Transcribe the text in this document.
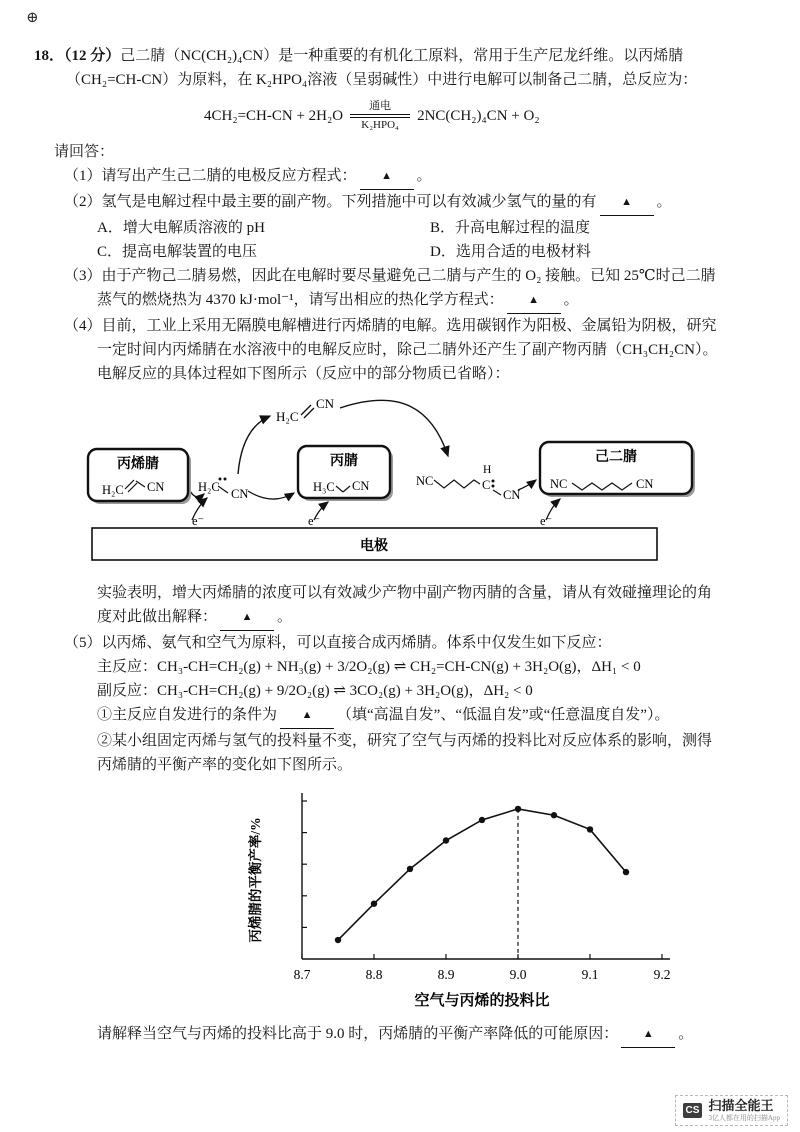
⊕
18．（12 分）己二腈（NC(CH₂)₄CN）是一种重要的有机化工原料，常用于生产尼龙纤维。以丙烯腈
（CH₂=CH-CN）为原料，在 K₂HPO₄溶液（呈弱碱性）中进行电解可以制备己二腈，总反应为：
4CH₂=CH-CN + 2H₂O
通电
K₂HPO₄
2NC(CH₂)₄CN + O₂
请回答：
（1）请写出产生己二腈的电极反应方程式： ▲ 。
（2）氢气是电解过程中最主要的副产物。下列措施中可以有效减少氢气的量的有 ▲ 。
A．增大电解质溶液的 pH	B．升高电解过程的温度
C．提高电解装置的电压	D．选用合适的电极材料
（3）由于产物己二腈易燃，因此在电解时要尽量避免己二腈与产生的 O₂ 接触。已知 25℃时己二腈
蒸气的燃烧热为 4370 kJ·mol⁻¹，请写出相应的热化学方程式： ▲ 。
（4）目前，工业上采用无隔膜电解槽进行丙烯腈的电解。选用碳钢作为阳极、金属铅为阴极，研究
一定时间内丙烯腈在水溶液中的电解反应时，除己二腈外还产生了副产物丙腈（CH₃CH₂CN）。
电解反应的具体过程如下图所示（反应中的部分物质已省略）：
H₂C
CN
丙烯腈
H₂C CN	H₂C CN
丙腈
H₃C CN	NC
H
C
CN
己二腈
NC	CN
电极
e⁻	e⁻	e⁻
实验表明，增大丙烯腈的浓度可以有效减少产物中副产物丙腈的含量，请从有效碰撞理论的角
度对此做出解释： ▲ 。
（5）以丙烯、氨气和空气为原料，可以直接合成丙烯腈。体系中仅发生如下反应：
主反应：CH₃-CH=CH₂(g) + NH₃(g) + 3/2O₂(g) ⇌ CH₂=CH-CN(g) + 3H₂O(g)，ΔH₁ < 0
副反应：CH₃-CH=CH₂(g) + 9/2O₂(g) ⇌ 3CO₂(g) + 3H₂O(g)，ΔH₂ < 0
①主反应自发进行的条件为 ▲ （填“高温自发”、“低温自发”或“任意温度自发”）。
②某小组固定丙烯与氢气的投料量不变，研究了空气与丙烯的投料比对反应体系的影响，测得
丙烯腈的平衡产率的变化如下图所示。
8.7	8.8	8.9	9.0	9.1	9.2
空气与丙烯的投料比
丙烯腈的平衡产率/%
请解释当空气与丙烯的投料比高于 9.0 时，丙烯腈的平衡产率降低的可能原因： ▲ 。
CS 扫描全能王
3亿人都在用的扫描App
